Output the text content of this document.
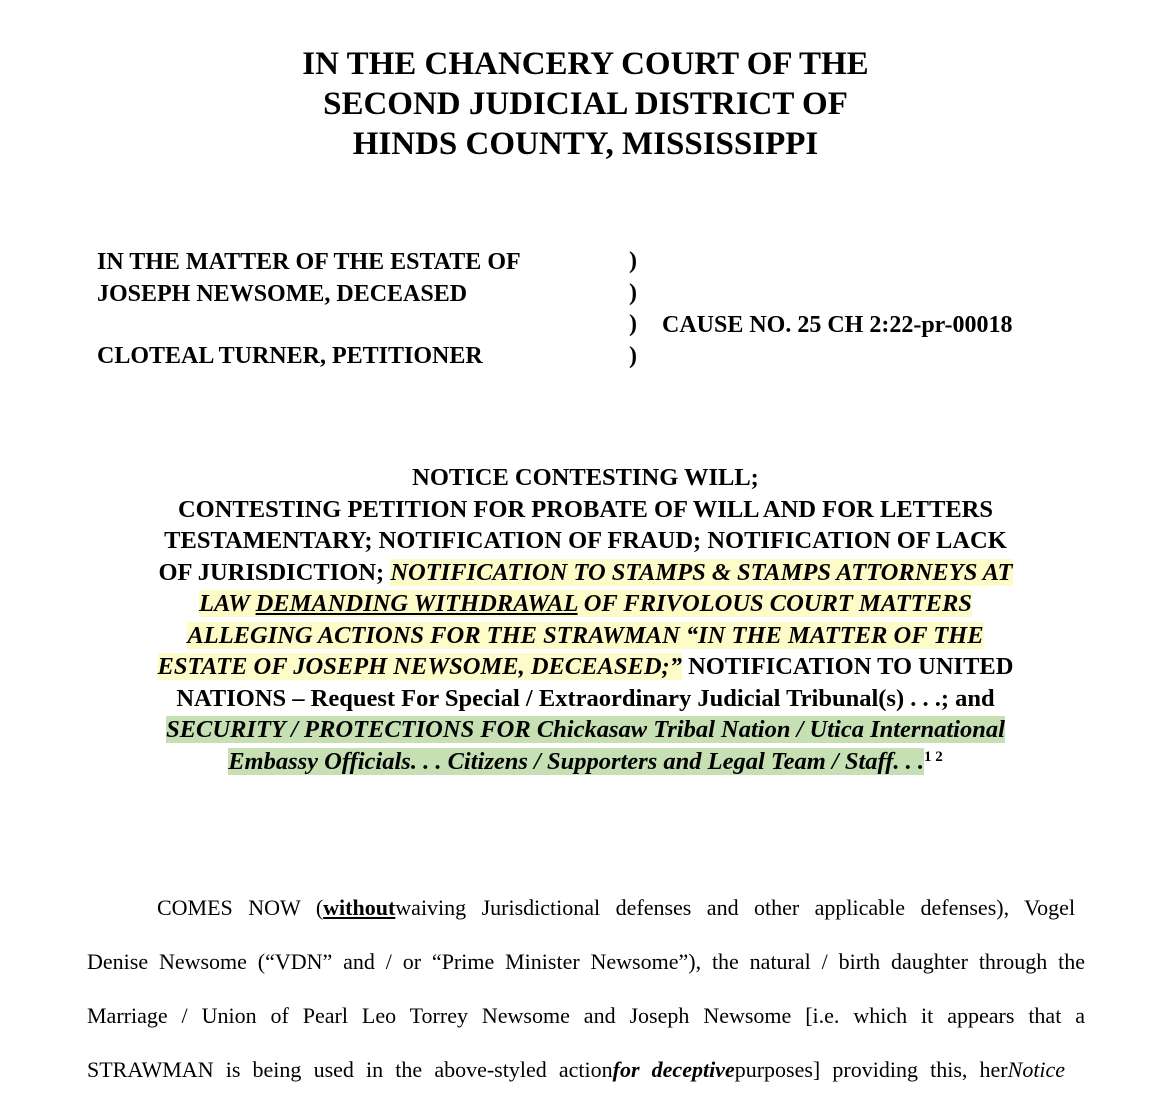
IN THE CHANCERY COURT OF THE
SECOND JUDICIAL DISTRICT OF
HINDS COUNTY, MISSISSIPPI
IN THE MATTER OF THE ESTATE OF
JOSEPH NEWSOME, DECEASED
CLOTEAL TURNER, PETITIONER
)
)
)
)
CAUSE NO. 25 CH 2:22-pr-00018
NOTICE CONTESTING WILL;
CONTESTING PETITION FOR PROBATE OF WILL AND FOR LETTERS
TESTAMENTARY; NOTIFICATION OF FRAUD; NOTIFICATION OF LACK
OF JURISDICTION; NOTIFICATION TO STAMPS & STAMPS ATTORNEYS AT
LAW DEMANDING WITHDRAWAL OF FRIVOLOUS COURT MATTERS
ALLEGING ACTIONS FOR THE STRAWMAN “IN THE MATTER OF THE
ESTATE OF JOSEPH NEWSOME, DECEASED;” NOTIFICATION TO UNITED
NATIONS – Request For Special / Extraordinary Judicial Tribunal(s) . . .; and
SECURITY / PROTECTIONS FOR Chickasaw Tribal Nation / Utica International
Embassy Officials. . . Citizens / Supporters and Legal Team / Staff. . .$^{1 2}$
COMES NOW (withoutwaiving Jurisdictional defenses and other applicable defenses), Vogel
Denise Newsome (“VDN” and / or “Prime Minister Newsome”), the natural / birth daughter through the
Marriage / Union of Pearl Leo Torrey Newsome and Joseph Newsome [i.e. which it appears that a
STRAWMAN is being used in the above-styled actionfor deceptivepurposes] providing this, herNotice
